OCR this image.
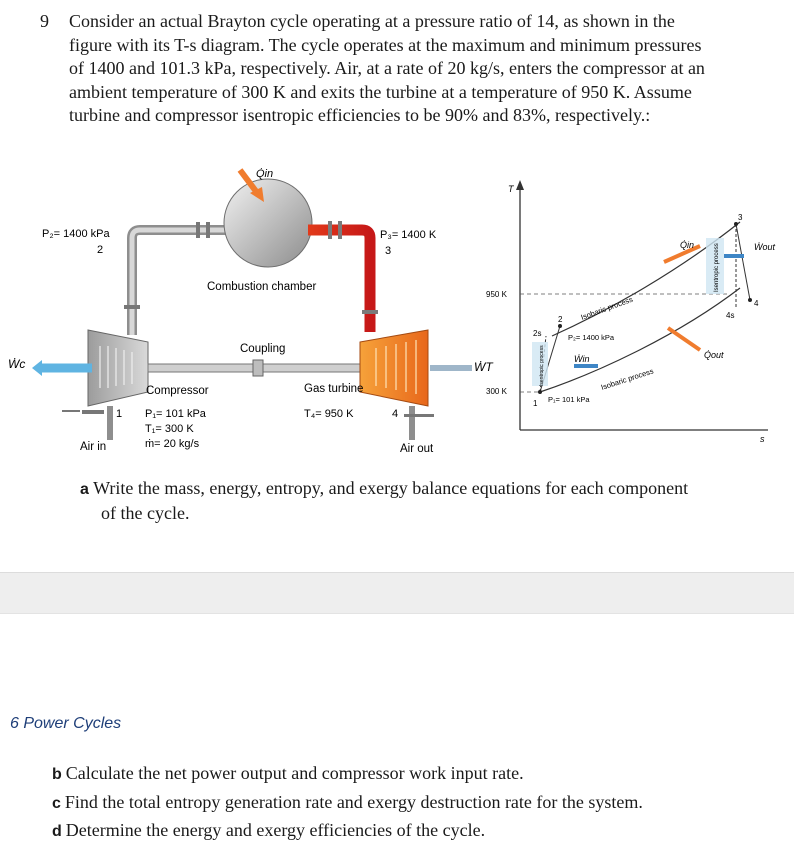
9 Consider an actual Brayton cycle operating at a pressure ratio of 14, as shown in the
figure with its T-s diagram. The cycle operates at the maximum and minimum pressures
of 1400 and 101.3 kPa, respectively. Air, at a rate of 20 kg/s, enters the compressor at an
ambient temperature of 300 K and exits the turbine at a temperature of 950 K. Assume
turbine and compressor isentropic efficiencies to be 90% and 83%, respectively.:
Q̇in
P₂= 1400 kPa
2
P₃= 1400 K
3
Combustion chamber
Coupling
Ẇc	ẆT
Compressor	Gas turbine
1 P₁= 101 kPa
T₁= 300 K
ṁ= 20 kg/s
T₄= 950 K	4
Air in	Air out
T
s
950 K
300 K
1
2
2s
3
4
4s
Isobaric process
Isobaric process
P₂= 1400 kPa
P₁= 101 kPa
Q̇in
Q̇out
Ẇout
Ẇin
Isentropic process
Isentropic process
a Write the mass, energy, entropy, and exergy balance equations for each component
of the cycle.
6 Power Cycles
b Calculate the net power output and compressor work input rate.
c Find the total entropy generation rate and exergy destruction rate for the system.
d Determine the energy and exergy efficiencies of the cycle.
